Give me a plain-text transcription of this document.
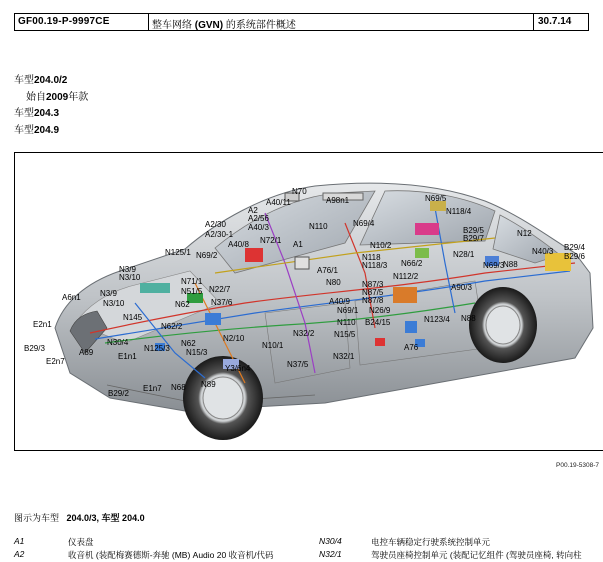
GF00.19-P-9997CE	整车网络 (GVN) 的系统部件概述	30.7.14
车型204.0/2
始自2009年款
车型204.3
车型204.9
N70
A40/11	A98n1
N69/4
N69/5
N118/4
A2/30
A2/30-1
A2
A2/56
A40/3
N72/1
N125/1 N69/2
A40/8	A1
N110	B29/5
B29/7
N12
N10/2
N118
N118/3
N28/1	N40/3 B29/4
B29/6
N3/9
N3/10	N71/1
N22/7
A76/1
N66/2
N112/2
N88
N69/3
A6n1 N3/9
N3/10
N51/5
N62
N145
N37/6
N80	N87/3
N87/5
N87/8
A40/9
A90/3
N69/1 N26/9
N32/2
B24/15	N123/4
E2n1	N62/2	N110
N15/5
N88
B29/3
N30/4
N125/3
N62
N2/10
N10/1
A89	N15/3
A76
E2n7
E1n1
N37/5
N32/1
Y3/6n4
N68
E1n7	N89
B29/2
P00.19-5308-7
图示为车型 204.0/3, 车型 204.0
A1	仪表盘	N30/4	电控车辆稳定行驶系统控制单元
A2	收音机 (装配梅赛德斯-奔驰 (MB) Audio 20 收音机/代码	N32/1	驾驶员座椅控制单元 (装配记忆组件 (驾驶员座椅, 转向柱
